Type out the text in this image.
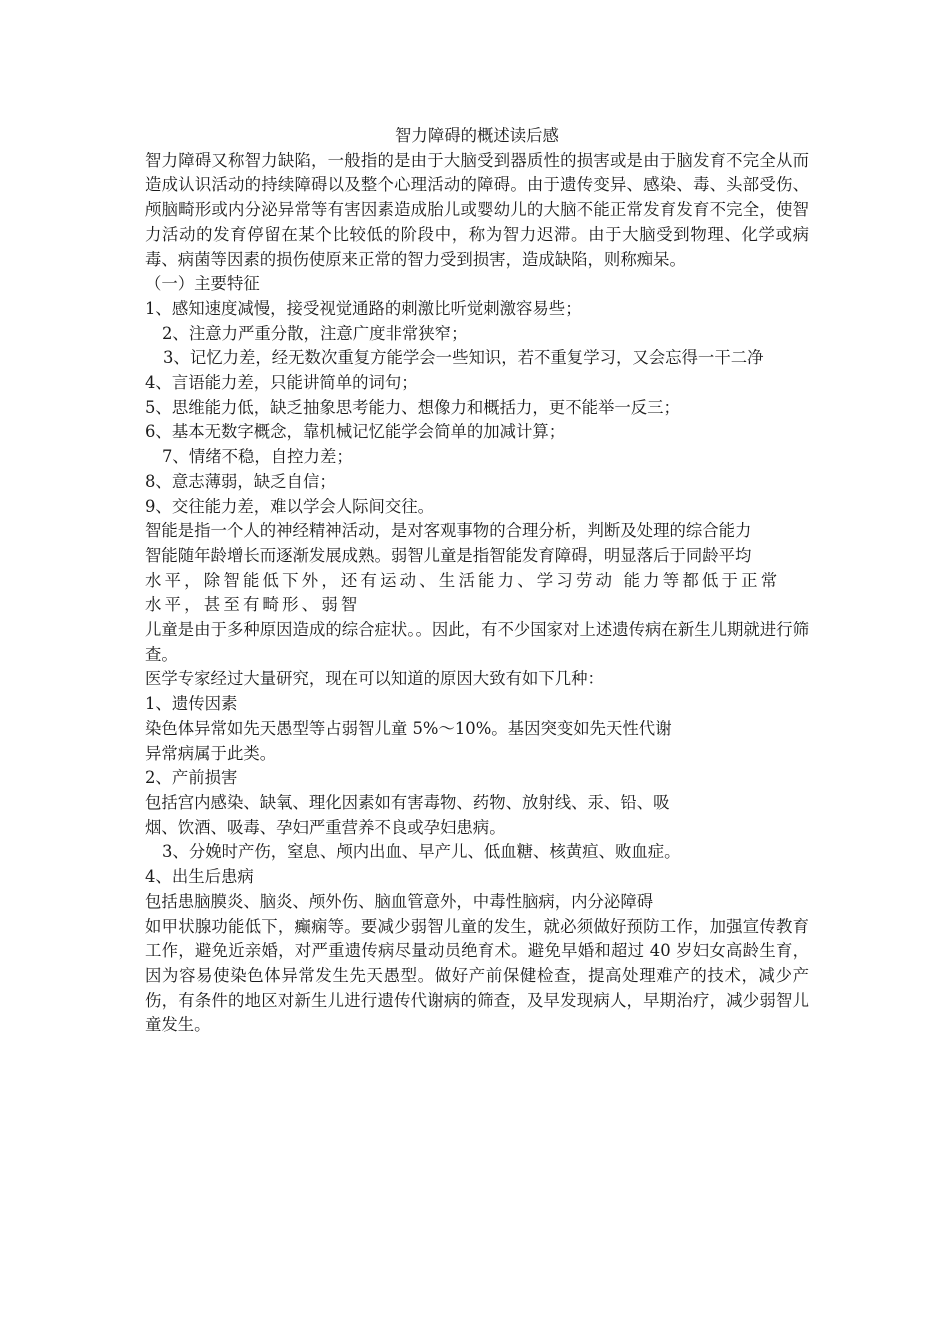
智力障碍的概述读后感

智力障碍又称智力缺陷，一般指的是由于大脑受到器质性的损害或是由于脑发育不完全从而造成认识活动的持续障碍以及整个心理活动的障碍。由于遗传变异、感染、毒、头部受伤、颅脑畸形或内分泌异常等有害因素造成胎儿或婴幼儿的大脑不能正常发育发育不完全，使智力活动的发育停留在某个比较低的阶段中，称为智力迟滞。由于大脑受到物理、化学或病毒、病菌等因素的损伤使原来正常的智力受到损害，造成缺陷，则称痴呆。

（一）主要特征
1、感知速度减慢，接受视觉通路的刺激比听觉刺激容易些；
2、注意力严重分散，注意广度非常狭窄；
3、记忆力差，经无数次重复方能学会一些知识，若不重复学习，又会忘得一干二净
4、言语能力差，只能讲简单的词句；
5、思维能力低，缺乏抽象思考能力、想像力和概括力，更不能举一反三；
6、基本无数字概念，靠机械记忆能学会简单的加减计算；
7、情绪不稳，自控力差；
8、意志薄弱，缺乏自信；
9、交往能力差，难以学会人际间交往。
智能是指一个人的神经精神活动，是对客观事物的合理分析，判断及处理的综合能力
智能随年龄增长而逐渐发展成熟。弱智儿童是指智能发育障碍，明显落后于同龄平均
水平，除智能低下外，还有运动、生活能力、学习劳动 能力等都低于正常
水平，甚至有畸形、弱智

儿童是由于多种原因造成的综合症状。。因此，有不少国家对上述遗传病在新生儿期就进行筛查。

医学专家经过大量研究，现在可以知道的原因大致有如下几种：
1、遗传因素
染色体异常如先天愚型等占弱智儿童 5%～10%。基因突变如先天性代谢
异常病属于此类。
2、产前损害
包括宫内感染、缺氧、理化因素如有害毒物、药物、放射线、汞、铅、吸
烟、饮酒、吸毒、孕妇严重营养不良或孕妇患病。
3、分娩时产伤，窒息、颅内出血、早产儿、低血糖、核黄疸、败血症。
4、出生后患病
包括患脑膜炎、脑炎、颅外伤、脑血管意外，中毒性脑病，内分泌障碍

如甲状腺功能低下，癫痫等。要减少弱智儿童的发生，就必须做好预防工作，加强宣传教育工作，避免近亲婚，对严重遗传病尽量动员绝育术。避免早婚和超过 40 岁妇女高龄生育，因为容易使染色体异常发生先天愚型。做好产前保健检查，提高处理难产的技术，减少产伤，有条件的地区对新生儿进行遗传代谢病的筛查，及早发现病人，早期治疗，减少弱智儿童发生。
